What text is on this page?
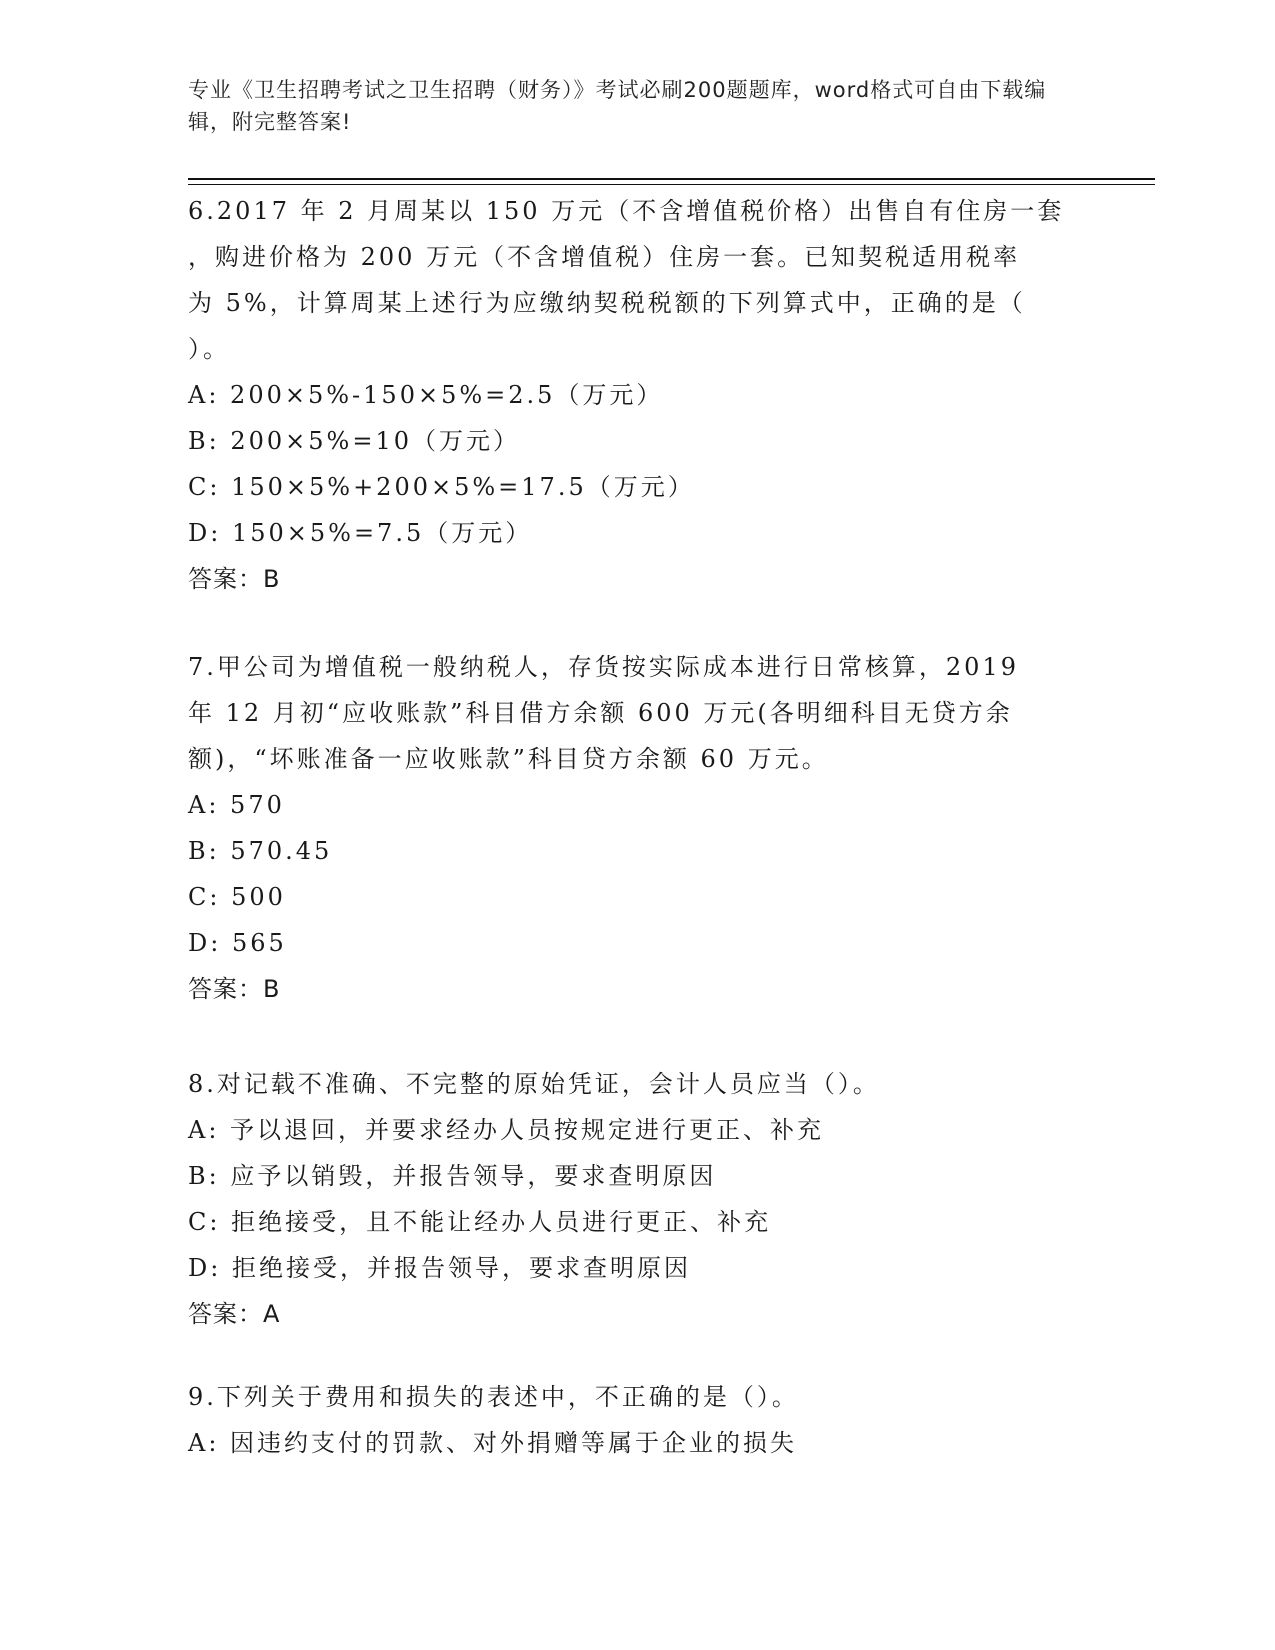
专业《卫生招聘考试之卫生招聘（财务）》考试必刷200题题库，word格式可自由下载编辑，附完整答案!
6.2017 年 2 月周某以 150 万元（不含增值税价格）出售自有住房一套
，购进价格为 200 万元（不含增值税）住房一套。已知契税适用税率
为 5%，计算周某上述行为应缴纳契税税额的下列算式中，正确的是（
）。
A: 200×5%-150×5%=2.5（万元）
B: 200×5%=10（万元）
C: 150×5%+200×5%=17.5（万元）
D: 150×5%=7.5（万元）
答案：B
7.甲公司为增值税一般纳税人，存货按实际成本进行日常核算，2019
年 12 月初“应收账款”科目借方余额 600 万元(各明细科目无贷方余
额)，“坏账准备一应收账款”科目贷方余额 60 万元。
A: 570
B: 570.45
C: 500
D: 565
答案：B
8.对记载不准确、不完整的原始凭证，会计人员应当（）。
A: 予以退回，并要求经办人员按规定进行更正、补充
B: 应予以销毁，并报告领导，要求查明原因
C: 拒绝接受，且不能让经办人员进行更正、补充
D: 拒绝接受，并报告领导，要求查明原因
答案：A
9.下列关于费用和损失的表述中，不正确的是（）。
A: 因违约支付的罚款、对外捐赠等属于企业的损失
